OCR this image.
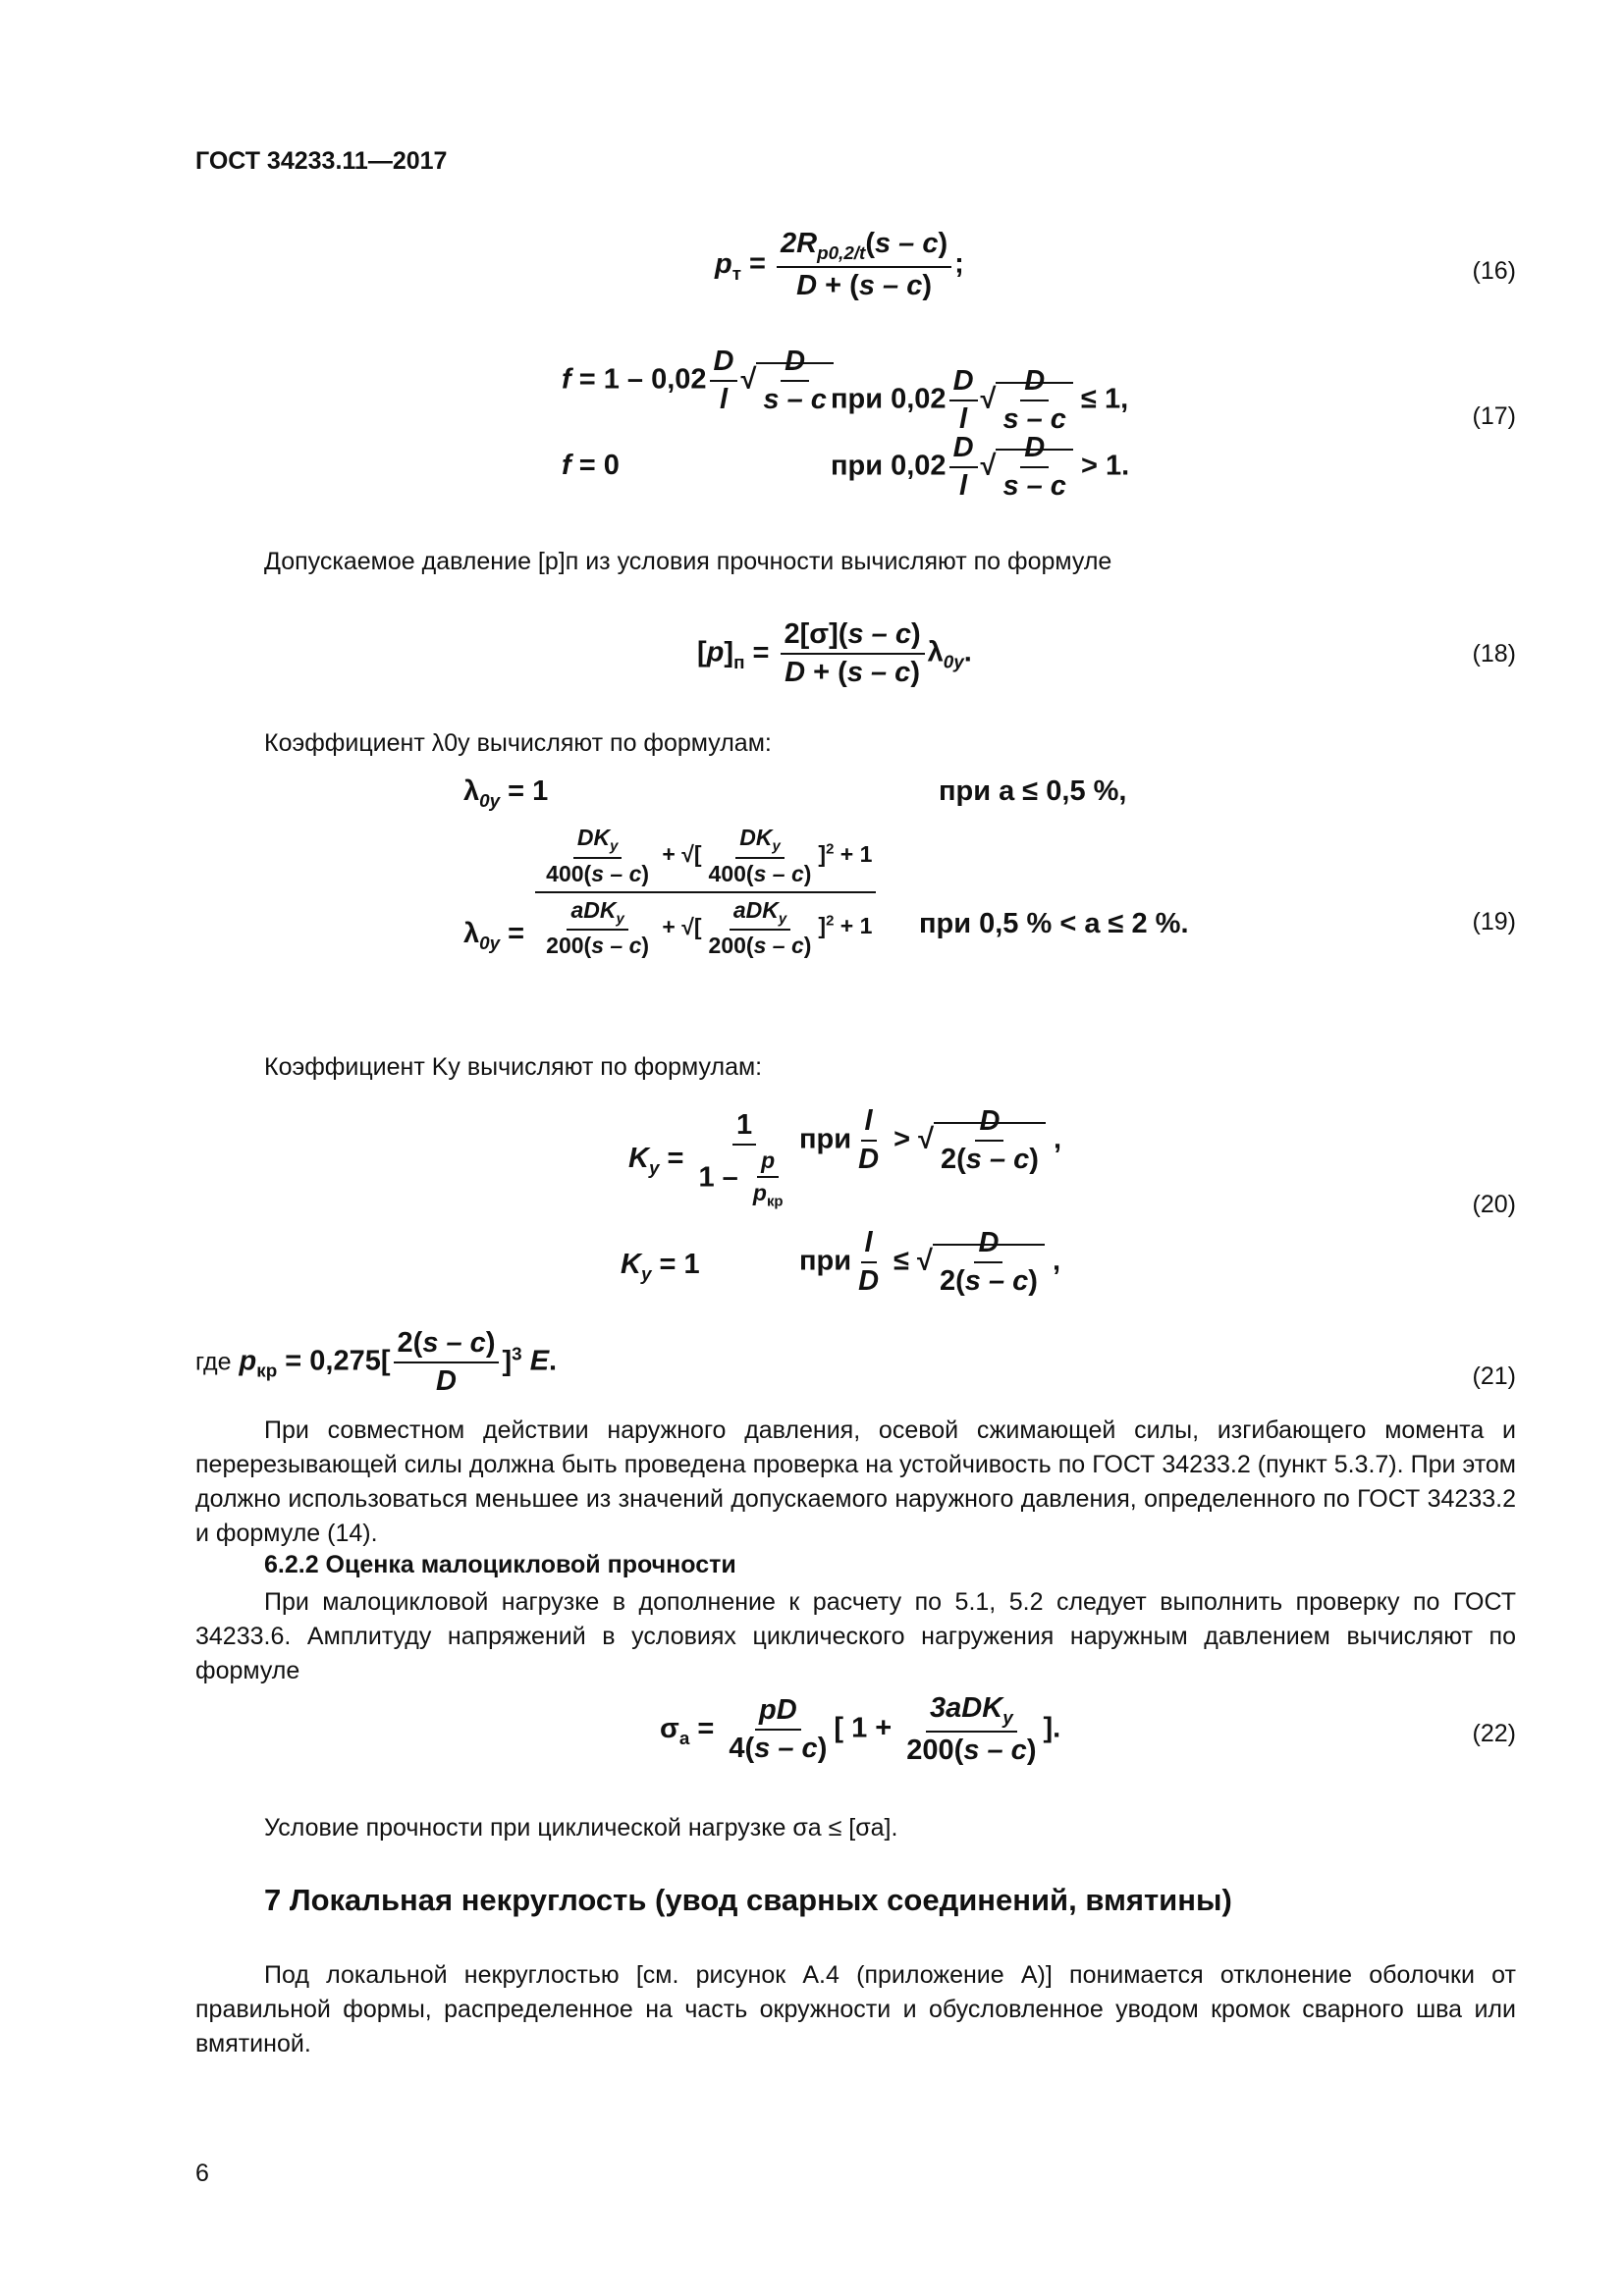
ГОСТ 34233.11—2017
$p_т = \frac{2R_{p0,2/t}(s - c)}{D + (s - c)}$ ;	(16)
$f = 1 - 0,02 \frac{D}{l}$ √ $\frac{D}{s - c}$ при $0,02 \frac{D}{l}$ √ $\frac{D}{s - c} \le 1$,
f = 0	при $0,02 \frac{D}{l}$ √ $\frac{D}{s - c} > 1$.
(17)
Допускаемое давление [p]п из условия прочности вычисляют по формуле
$[p]_п = \frac{2[\sigma](s - c)}{D + (s - c)} \lambda_{0y}$.	(18)
Коэффициент λ0y вычисляют по формулам:
$\lambda_{0y} = 1$	при a ≤ 0,5 %,
$\lambda_{0y} = \frac{\frac{DK_y}{400(s - c)} + √[ \frac{DK_y}{400(s - c)} ]^2 + 1}{\frac{aDK_y}{200(s - c)} + √[ \frac{aDK_y}{200(s - c)} ]^2 + 1}$ при 0,5 % < a ≤ 2 %.	(19)
Коэффициент Ky вычисляют по формулам:
$K_y = \frac{1}{1 - \frac{p}{p_{кр}}}$ при $\frac{l}{D}$ > √ $\frac{D}{2(s - c)}$ ,
$K_y = 1$	при $\frac{l}{D}$ ≤ √ $\frac{D}{2(s - c)}$ ,
(20)
где $p_{кр} = 0,275[ \frac{2(s - c)}{D} ]^3$ E.	(21)
При совместном действии наружного давления, осевой сжимающей силы, изгибающего момента и перерезывающей силы должна быть проведена проверка на устойчивость по ГОСТ 34233.2 (пункт 5.3.7). При этом должно использоваться меньшее из значений допускаемого наружного давления, определенного по ГОСТ 34233.2 и формуле (14).
6.2.2 Оценка малоцикловой прочности
При малоцикловой нагрузке в дополнение к расчету по 5.1, 5.2 следует выполнить проверку по ГОСТ 34233.6. Амплитуду напряжений в условиях циклического нагружения наружным давлением вычисляют по формуле
$\sigma_a = \frac{pD}{4(s - c)}$ [ $1 + \frac{3aDK_y}{200(s - c)}$ ].	(22)
Условие прочности при циклической нагрузке σa ≤ [σa].
7 Локальная некруглость (увод сварных соединений, вмятины)
Под локальной некруглостью [см. рисунок А.4 (приложение А)] понимается отклонение оболочки от правильной формы, распределенное на часть окружности и обусловленное уводом кромок сварного шва или вмятиной.
6
